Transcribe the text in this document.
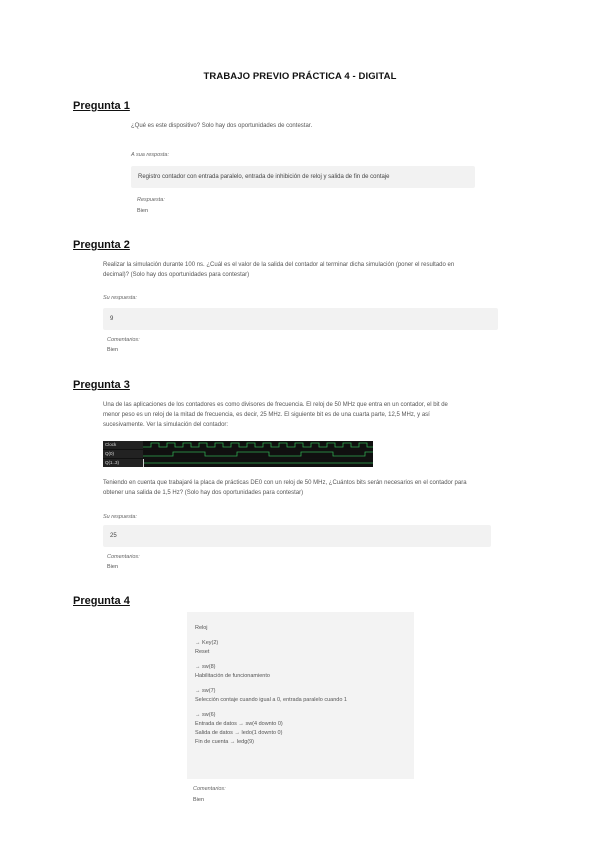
TRABAJO PREVIO PRÁCTICA 4 - DIGITAL
Pregunta 1
¿Qué es este dispositivo? Solo hay dos oportunidades de contestar.
A sua resposta:
Registro contador con entrada paralelo, entrada de inhibición de reloj y salida de fin de contaje
Respuesta:
Bien
Pregunta 2
Realizar la simulación durante 100 ns. ¿Cuál es el valor de la salida del contador al terminar dicha simulación (poner el resultado en
decimal)? (Solo hay dos oportunidades para contestar)
Su respuesta:
9
Comentarios:
Bien
Pregunta 3
Una de las aplicaciones de los contadores es como divisores de frecuencia. El reloj de 50 MHz que entra en un contador, el bit de
menor peso es un reloj de la mitad de frecuencia, es decir, 25 MHz. El siguiente bit es de una cuarta parte, 12,5 MHz, y así
sucesivamente. Ver la simulación del contador:
Clock
Q(0)
Q(1..3)
Teniendo en cuenta que trabajaré la placa de prácticas DE0 con un reloj de 50 MHz, ¿Cuántos bits serán necesarios en el contador para
obtener una salida de 1,5 Hz? (Solo hay dos oportunidades para contestar)
Su respuesta:
25
Comentarios:
Bien
Pregunta 4
Reloj
→ Key(2)
Reset
→ sw(8)
Habilitación de funcionamiento
→ sw(7)
Selección contaje cuando igual a 0, entrada paralelo cuando 1
→ sw(6)
Entrada de datos → sw(4 downto 0)
Salida de datos → ledo(1 downto 0)
Fin de cuenta → ledg(9)
Comentarios:
Bien
